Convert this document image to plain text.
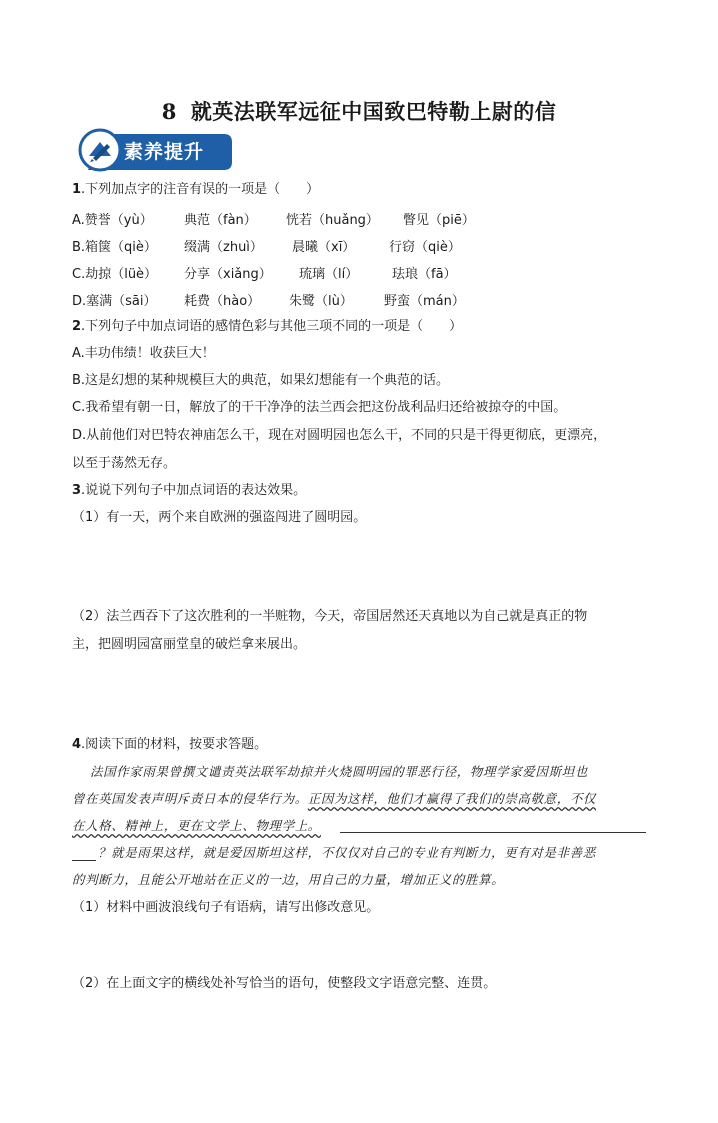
8 就英法联军远征中国致巴特勒上尉的信
素养提升
1.下列加点字的注音有误的一项是（　　）
A.赞誉（yù） 典范（fàn） 恍若（huǎng） 瞥见（piē）
B.箱箧（qiè） 缀满（zhuì） 晨曦（xī）	行窃（qiè）
C.劫掠（lüè） 分享（xiǎng） 琉璃（lí）	珐琅（fā）
D.塞满（sāi） 耗费（hào） 朱鹭（lù） 野蛮（mán）
2.下列句子中加点词语的感情色彩与其他三项不同的一项是（　　）
A.丰功伟绩！收获巨大！
B.这是幻想的某种规模巨大的典范，如果幻想能有一个典范的话。
C.我希望有朝一日，解放了的干干净净的法兰西会把这份战利品归还给被掠夺的中国。
D.从前他们对巴特农神庙怎么干，现在对圆明园也怎么干，不同的只是干得更彻底，更漂亮，
以至于荡然无存。
3.说说下列句子中加点词语的表达效果。
（1）有一天，两个来自欧洲的强盗闯进了圆明园。
（2）法兰西吞下了这次胜利的一半赃物，今天，帝国居然还天真地以为自己就是真正的物
主，把圆明园富丽堂皇的破烂拿来展出。
4.阅读下面的材料，按要求答题。
法国作家雨果曾撰文谴责英法联军劫掠并火烧圆明园的罪恶行径，物理学家爱因斯坦也
曾在英国发表声明斥责日本的侵华行为。正因为这样，他们才赢得了我们的崇高敬意，不仅
在人格、精神上，更在文学上、物理学上。
？就是雨果这样，就是爱因斯坦这样，不仅仅对自己的专业有判断力，更有对是非善恶
的判断力，且能公开地站在正义的一边，用自己的力量，增加正义的胜算。
（1）材料中画波浪线句子有语病，请写出修改意见。
（2）在上面文字的横线处补写恰当的语句，使整段文字语意完整、连贯。
